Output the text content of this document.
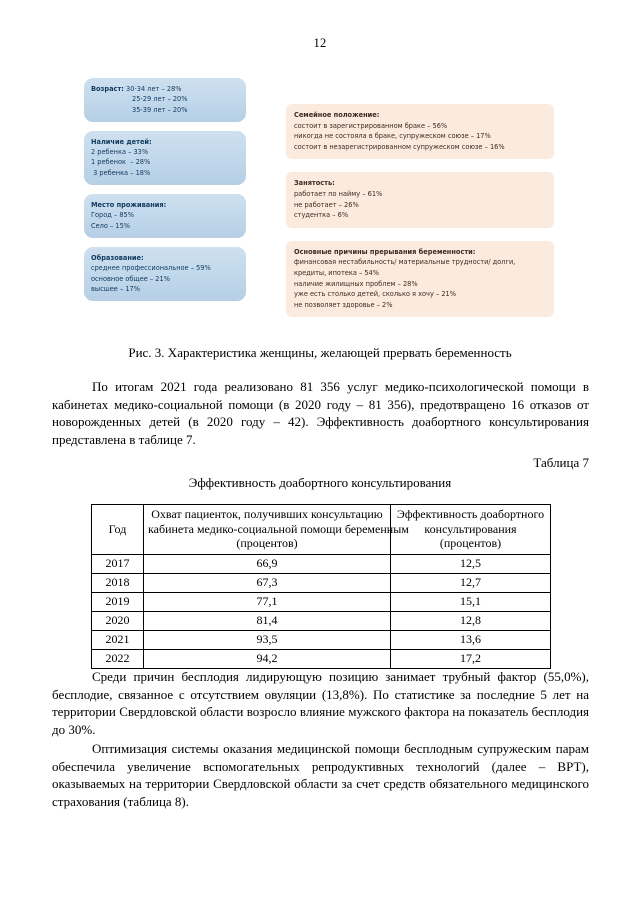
12
Возраст: 30-34 лет – 28%
25-29 лет – 20%
35-39 лет – 20%
Наличие детей:
2 ребенка – 33%
1 ребенок  – 28%
3 ребенка – 18%
Место проживания:
Город – 85%
Село – 15%
Образование:
среднее профессиональное – 59%
основное общее – 21%
высшее – 17%
Семейное положение:
состоит в зарегистрированном браке – 56%
никогда не состояла в браке, супружеском союзе – 17%
состоит в незарегистрированном супружеском союзе – 16%
Занятость:
работает по найму – 61%
не работает – 26%
студентка – 6%
Основные причины прерывания беременности:
финансовая нестабильность/ материальные трудности/ долги,
кредиты, ипотека – 54%
наличие жилищных проблем – 28%
уже есть столько детей, сколько я хочу – 21%
не позволяет здоровье – 2%
Рис. 3. Характеристика женщины, желающей прервать беременность
По итогам 2021 года реализовано 81 356 услуг медико-психологической помощи в кабинетах медико-социальной помощи (в 2020 году – 81 356), предотвращено 16 отказов от новорожденных детей (в 2020 году – 42). Эффективность доабортного консультирования представлена в таблице 7.
Таблица 7
Эффективность доабортного консультирования
Год	Охват пациенток, получивших консультацию
кабинета медико-социальной помощи беременным
(процентов)	Эффективность доабортного
консультирования
(процентов)

2017	66,9	12,5
2018	67,3	12,7
2019	77,1	15,1
2020	81,4	12,8
2021	93,5	13,6
2022	94,2	17,2
Среди причин бесплодия лидирующую позицию занимает трубный фактор (55,0%), бесплодие, связанное с отсутствием овуляции (13,8%). По статистике за последние 5 лет на территории Свердловской области возросло влияние мужского фактора на показатель бесплодия до 30%.
Оптимизация системы оказания медицинской помощи бесплодным супружеским парам обеспечила увеличение вспомогательных репродуктивных технологий (далее – ВРТ), оказываемых на территории Свердловской области за счет средств обязательного медицинского страхования (таблица 8).
